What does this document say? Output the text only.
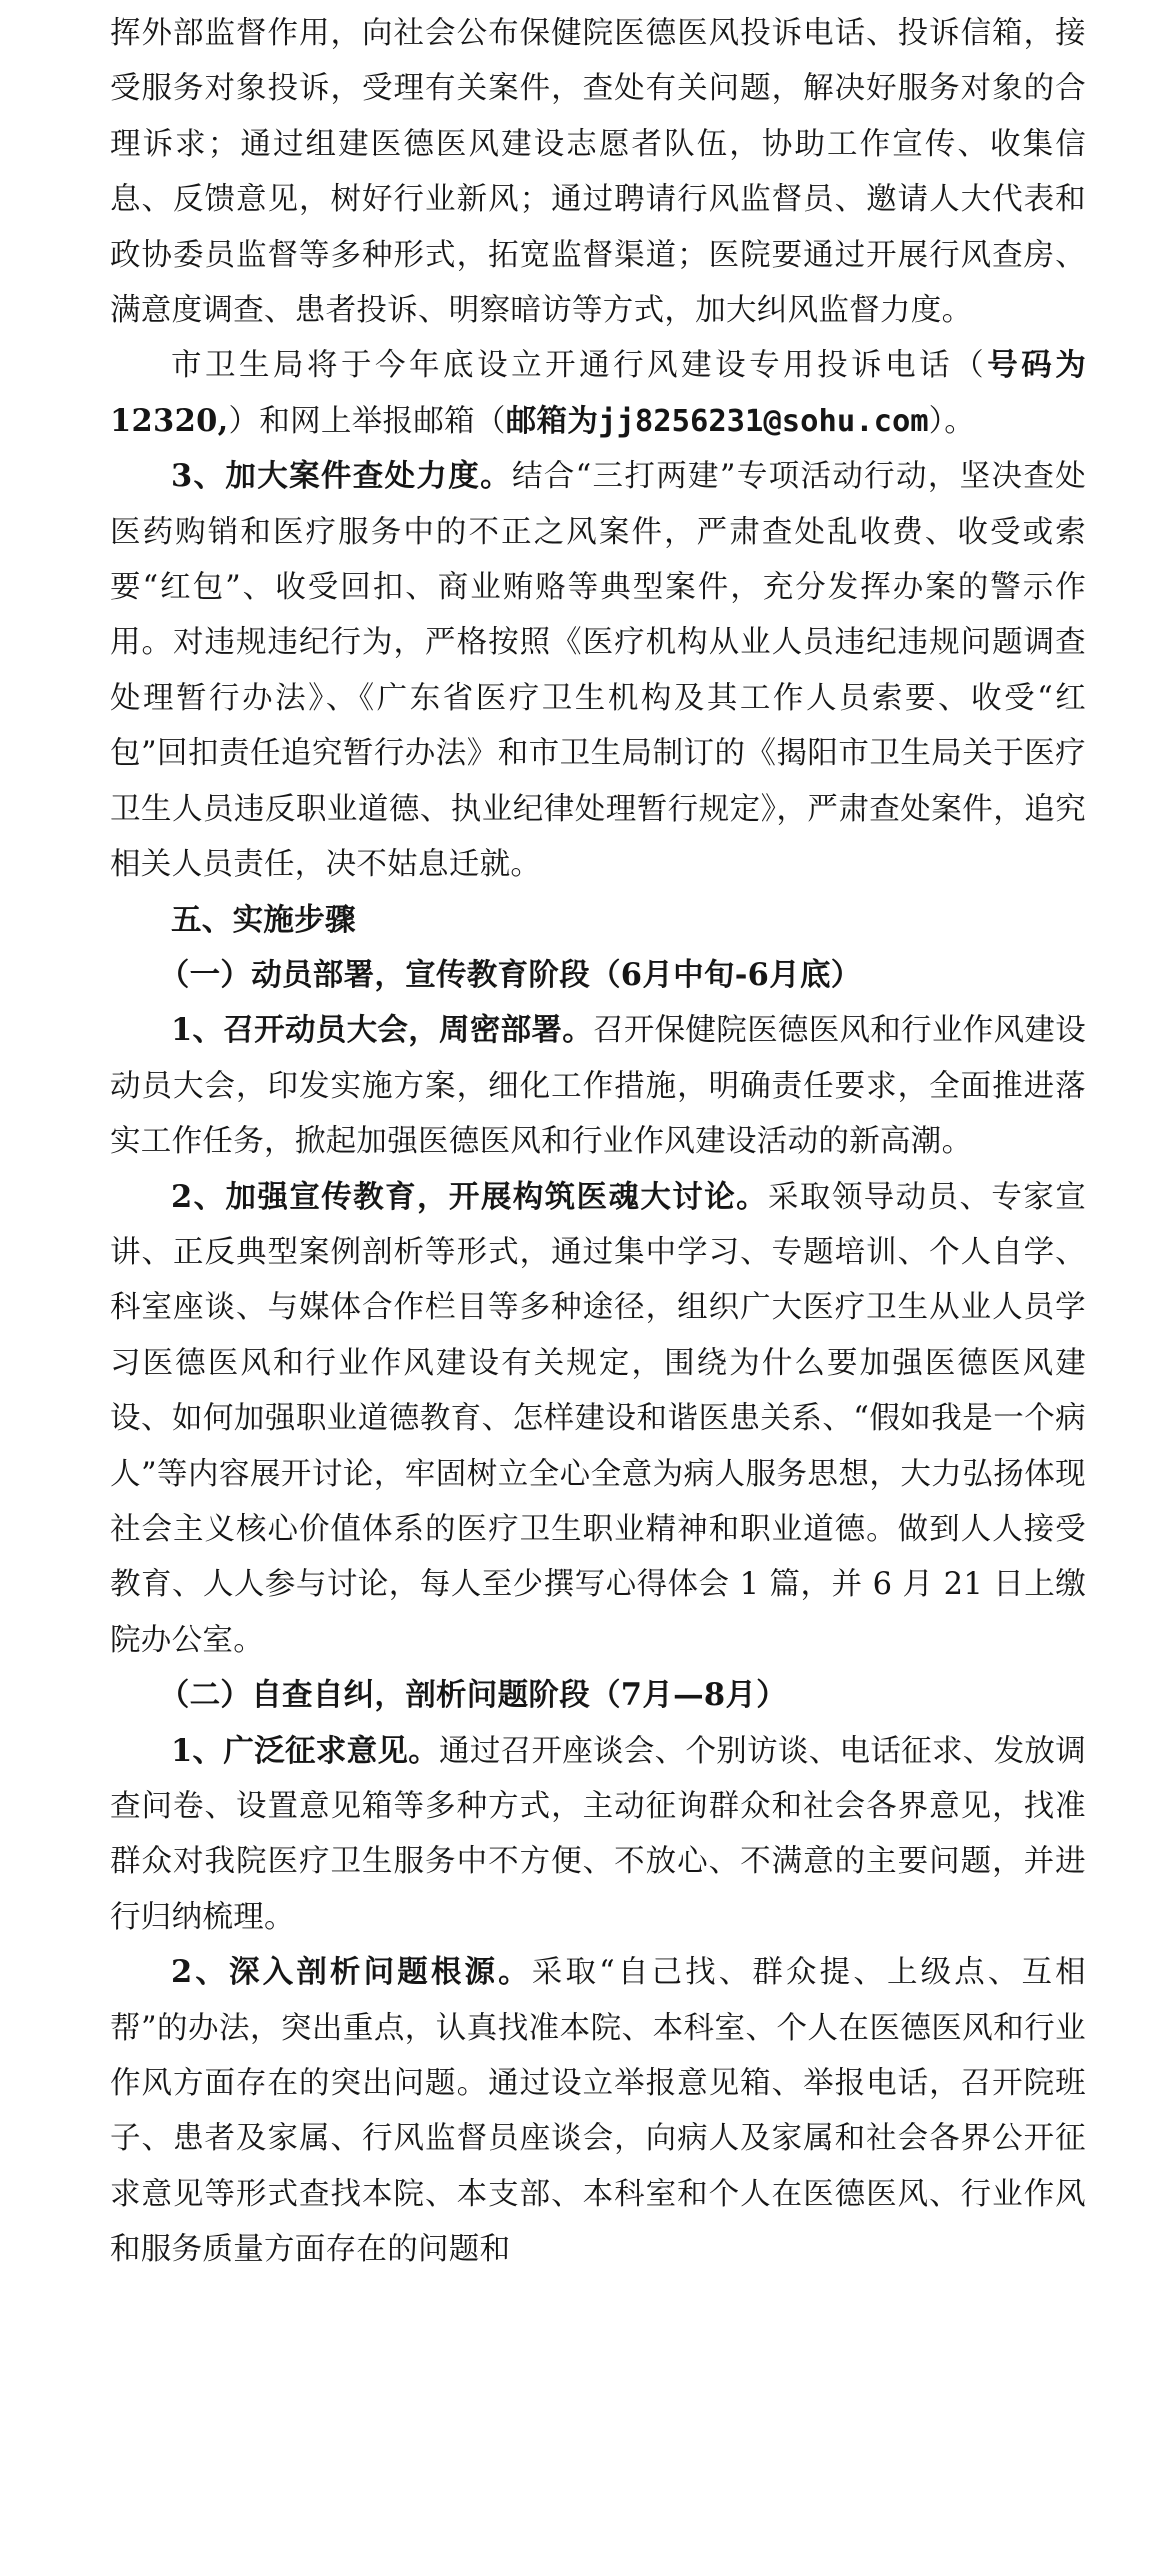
挥外部监督作用，向社会公布保健院医德医风投诉电话、投诉信箱，接受服务对象投诉，受理有关案件，查处有关问题，解决好服务对象的合理诉求；通过组建医德医风建设志愿者队伍，协助工作宣传、收集信息、反馈意见，树好行业新风；通过聘请行风监督员、邀请人大代表和政协委员监督等多种形式，拓宽监督渠道；医院要通过开展行风查房、满意度调查、患者投诉、明察暗访等方式，加大纠风监督力度。

市卫生局将于今年底设立开通行风建设专用投诉电话（号码为 12320,）和网上举报邮箱（邮箱为jj8256231@sohu.com）。

3、加大案件查处力度。结合“三打两建”专项活动行动，坚决查处医药购销和医疗服务中的不正之风案件，严肃查处乱收费、收受或索要“红包”、收受回扣、商业贿赂等典型案件，充分发挥办案的警示作用。对违规违纪行为，严格按照《医疗机构从业人员违纪违规问题调查处理暂行办法》、《广东省医疗卫生机构及其工作人员索要、收受“红包”回扣责任追究暂行办法》和市卫生局制订的《揭阳市卫生局关于医疗卫生人员违反职业道德、执业纪律处理暂行规定》，严肃查处案件，追究相关人员责任，决不姑息迁就。

五、实施步骤

（一）动员部署，宣传教育阶段（6月中旬-6月底）

1、召开动员大会，周密部署。召开保健院医德医风和行业作风建设动员大会，印发实施方案，细化工作措施，明确责任要求，全面推进落实工作任务，掀起加强医德医风和行业作风建设活动的新高潮。

2、加强宣传教育，开展构筑医魂大讨论。采取领导动员、专家宣讲、正反典型案例剖析等形式，通过集中学习、专题培训、个人自学、科室座谈、与媒体合作栏目等多种途径，组织广大医疗卫生从业人员学习医德医风和行业作风建设有关规定，围绕为什么要加强医德医风建设、如何加强职业道德教育、怎样建设和谐医患关系、“假如我是一个病人”等内容展开讨论，牢固树立全心全意为病人服务思想，大力弘扬体现社会主义核心价值体系的医疗卫生职业精神和职业道德。做到人人接受教育、人人参与讨论，每人至少撰写心得体会 1 篇，并 6 月 21 日上缴院办公室。

（二）自查自纠，剖析问题阶段（7月—8月）

1、广泛征求意见。通过召开座谈会、个别访谈、电话征求、发放调查问卷、设置意见箱等多种方式，主动征询群众和社会各界意见，找准群众对我院医疗卫生服务中不方便、不放心、不满意的主要问题，并进行归纳梳理。

2、深入剖析问题根源。采取“自己找、群众提、上级点、互相帮”的办法，突出重点，认真找准本院、本科室、个人在医德医风和行业作风方面存在的突出问题。通过设立举报意见箱、举报电话，召开院班子、患者及家属、行风监督员座谈会，向病人及家属和社会各界公开征求意见等形式查找本院、本支部、本科室和个人在医德医风、行业作风和服务质量方面存在的问题和
